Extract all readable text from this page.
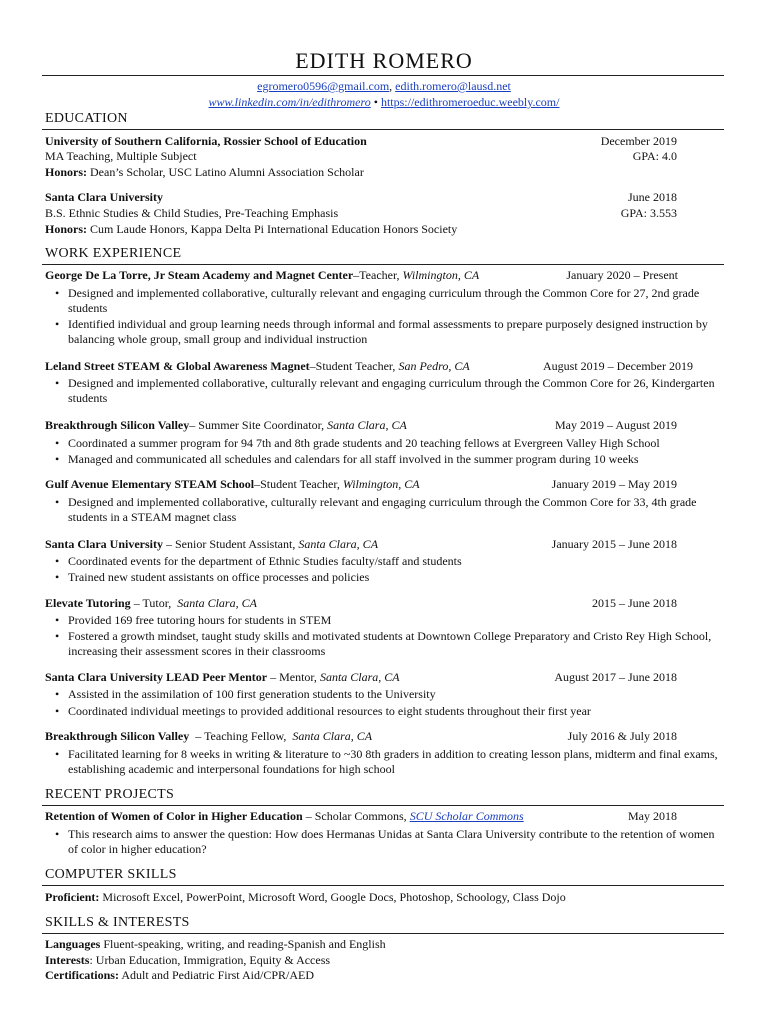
EDITH ROMERO
egromero0596@gmail.com, edith.romero@lausd.net
www.linkedin.com/in/edithromero • https://edithromeroeduc.weebly.com/
EDUCATION
University of Southern California, Rossier School of Education	December 2019
MA Teaching, Multiple Subject	GPA: 4.0
Honors: Dean’s Scholar, USC Latino Alumni Association Scholar
Santa Clara University	June 2018
B.S. Ethnic Studies & Child Studies, Pre-Teaching Emphasis	GPA: 3.553
Honors: Cum Laude Honors, Kappa Delta Pi International Education Honors Society
WORK EXPERIENCE
George De La Torre, Jr Steam Academy and Magnet Center–Teacher, Wilmington, CA	January 2020 – Present
• Designed and implemented collaborative, culturally relevant and engaging curriculum through the Common Core for 27, 2nd grade students
• Identified individual and group learning needs through informal and formal assessments to prepare purposely designed instruction by balancing whole group, small group and individual instruction
Leland Street STEAM & Global Awareness Magnet–Student Teacher, San Pedro, CA	August 2019 – December 2019
• Designed and implemented collaborative, culturally relevant and engaging curriculum through the Common Core for 26, Kindergarten students
Breakthrough Silicon Valley– Summer Site Coordinator, Santa Clara, CA	May 2019 – August 2019
• Coordinated a summer program for 94 7th and 8th grade students and 20 teaching fellows at Evergreen Valley High School
• Managed and communicated all schedules and calendars for all staff involved in the summer program during 10 weeks
Gulf Avenue Elementary STEAM School–Student Teacher, Wilmington, CA	January 2019 – May 2019
• Designed and implemented collaborative, culturally relevant and engaging curriculum through the Common Core for 33, 4th grade students in a STEAM magnet class
Santa Clara University – Senior Student Assistant, Santa Clara, CA	January 2015 – June 2018
• Coordinated events for the department of Ethnic Studies faculty/staff and students
• Trained new student assistants on office processes and policies
Elevate Tutoring – Tutor,  Santa Clara, CA	2015 – June 2018
• Provided 169 free tutoring hours for students in STEM
• Fostered a growth mindset, taught study skills and motivated students at Downtown College Preparatory and Cristo Rey High School, increasing their assessment scores in their classrooms
Santa Clara University LEAD Peer Mentor – Mentor, Santa Clara, CA	August 2017 – June 2018
• Assisted in the assimilation of 100 first generation students to the University
• Coordinated individual meetings to provided additional resources to eight students throughout their first year
Breakthrough Silicon Valley  – Teaching Fellow,  Santa Clara, CA	July 2016 & July 2018
• Facilitated learning for 8 weeks in writing & literature to ~30 8th graders in addition to creating lesson plans, midterm and final exams, establishing academic and interpersonal foundations for high school
RECENT PROJECTS
Retention of Women of Color in Higher Education – Scholar Commons, SCU Scholar Commons	May 2018
• This research aims to answer the question: How does Hermanas Unidas at Santa Clara University contribute to the retention of women of color in higher education?
COMPUTER SKILLS
Proficient: Microsoft Excel, PowerPoint, Microsoft Word, Google Docs, Photoshop, Schoology, Class Dojo
SKILLS & INTERESTS
Languages Fluent-speaking, writing, and reading-Spanish and English
Interests: Urban Education, Immigration, Equity & Access
Certifications: Adult and Pediatric First Aid/CPR/AED
